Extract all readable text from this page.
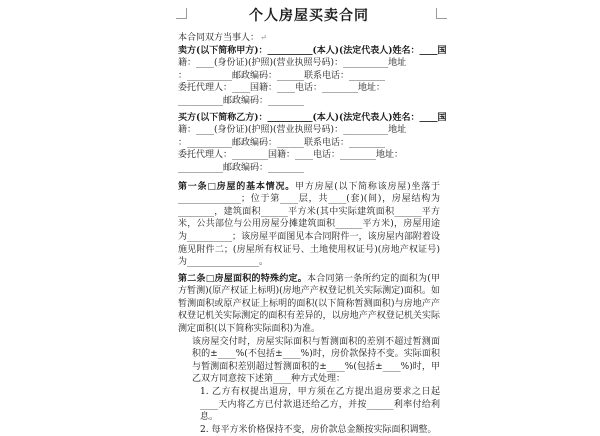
个人房屋买卖合同
本合同双方当事人：↵
卖方(以下简称甲方)：__________(本人)(法定代表人)姓名：____国
籍：____(身份证)(护照)(营业执照号码)：__________地址
：__________邮政编码：______联系电话：________
委托代理人：____国籍：____电话：________地址：
__________邮政编码：________
买方(以下简称乙方)：__________(本人)(法定代表人)姓名：____国
籍：____(身份证)(护照)(营业执照号码)：__________地址
：__________邮政编码：______联系电话：________
委托代理人：________国籍：____电话：________地址：
__________邮政编码：________
第一条□房屋的基本情况。甲方房屋(以下简称该房屋)坐落于______________；位于第____层，共____(套)(间)，房屋结构为________，建筑面积______平方米(其中实际建筑面积______平方米，公共部位与公用房屋分摊建筑面积______平方米)，房屋用途为__________；该房屋平面图见本合同附件一，该房屋内部附着设施见附件二；(房屋所有权证号、土地使用权证号)(房地产权证号)为________________。
第二条□房屋面积的特殊约定。本合同第一条所约定的面积为(甲方暂测)(原产权证上标明)(房地产产权登记机关实际测定)面积。如暂测面积或原产权证上标明的面积(以下简称暂测面积)与房地产产权登记机关实际测定的面积有差异的，以房地产产权登记机关实际测定面积(以下简称实际面积)为准。
该房屋交付时，房屋实际面积与暂测面积的差别不超过暂测面积的±____%(不包括±____%)时，房价款保持不变。实际面积与暂测面积差别超过暂测面积的±____%(包括±____%)时，甲乙双方同意按下述第____种方式处理：
1. 乙方有权提出退房，甲方须在乙方提出退房要求之日起____天内将乙方已付款退还给乙方，并按______利率付给利息。
2. 每平方米价格保持不变，房价款总金额按实际面积调整。
